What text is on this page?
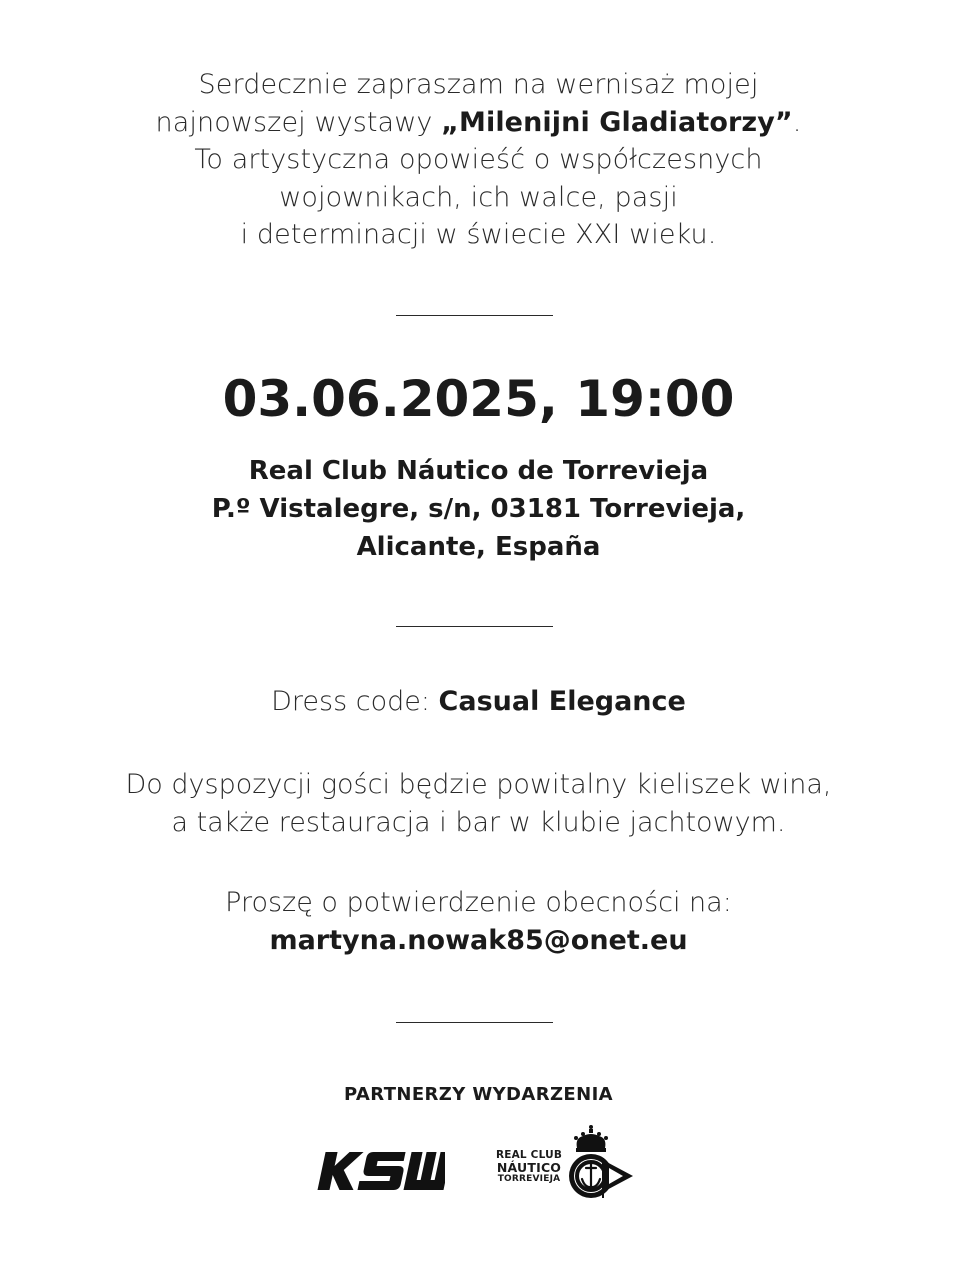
Serdecznie zapraszam na wernisaż mojej
najnowszej wystawy „Milenijni Gladiatorzy”.
To artystyczna opowieść o współczesnych
wojownikach, ich walce, pasji
i determinacji w świecie XXI wieku.
03.06.2025, 19:00
Real Club Náutico de Torrevieja
P.º Vistalegre, s/n, 03181 Torrevieja,
Alicante, España
Dress code: Casual Elegance
Do dyspozycji gości będzie powitalny kieliszek wina,
a także restauracja i bar w klubie jachtowym.
Proszę o potwierdzenie obecności na:
martyna.nowak85@onet.eu
PARTNERZY WYDARZENIA
REAL CLUB
NÁUTICO
TORREVIEJA
